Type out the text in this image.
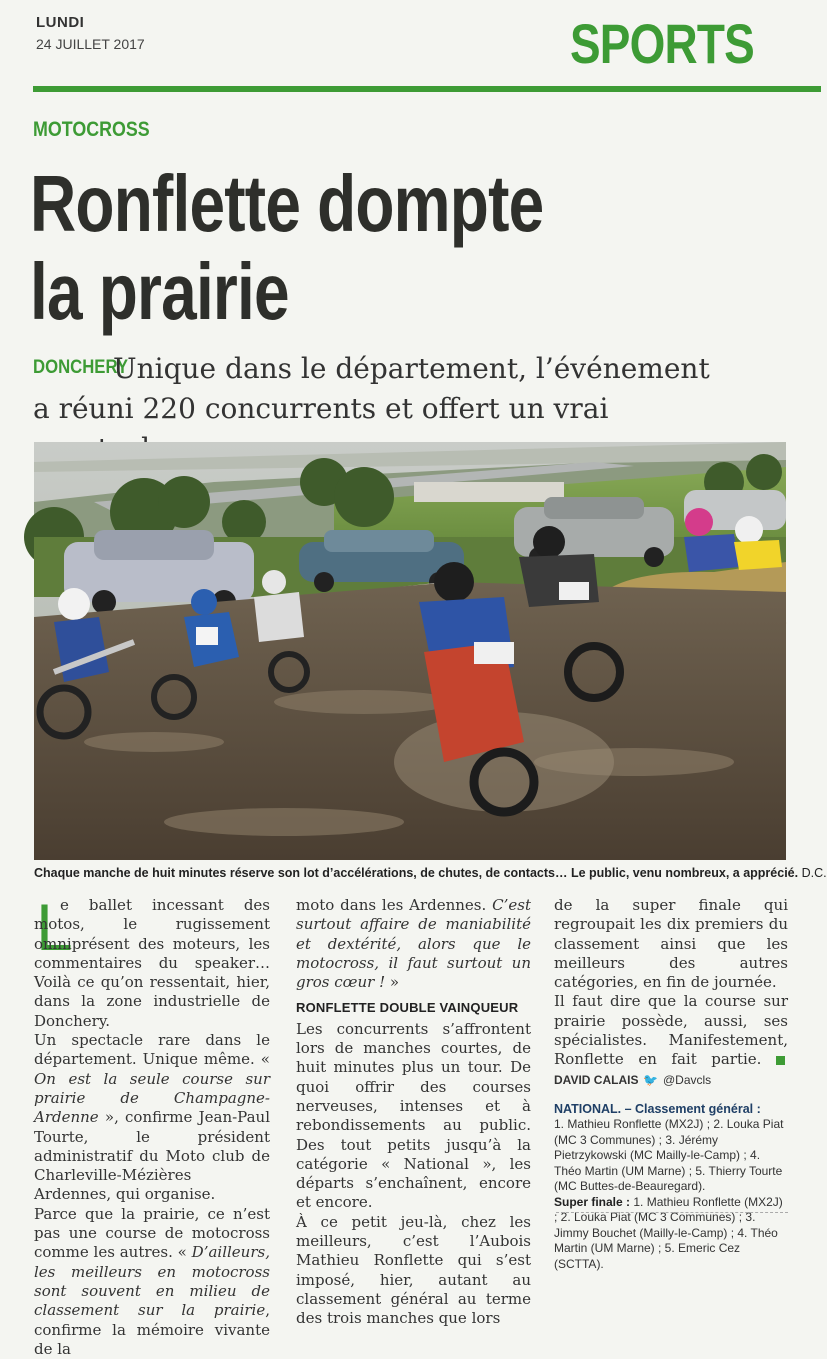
LUNDI
24 JUILLET 2017	SPORTS
MOTOCROSS
Ronflette dompte
la prairie
DONCHERY
Unique dans le département, l’événement
a réuni 220 concurrents et offert un vrai
Chaque manche de huit minutes réserve son lot d’accélérations, de chutes, de contacts… Le public, venu nombreux, a apprécié. D.C.
L

e ballet incessant des motos, le rugissement omniprésent des moteurs, les commentaires du speaker… Voilà ce qu’on ressentait, hier, dans la zone industrielle de Donchery.

Un spectacle rare dans le département. Unique même. « On est la seule course sur prairie de Champagne-Ardenne », confirme Jean-Paul Tourte, le président administratif du Moto club de Charleville-Mézières Ardennes, qui organise.

Parce que la prairie, ce n’est pas une course de motocross comme les autres. « D’ailleurs, les meilleurs en motocross sont souvent en milieu de classement sur la prairie, confirme la mémoire vivante de la

moto dans les Ardennes. C’est surtout affaire de maniabilité et dextérité, alors que le motocross, il faut surtout un gros cœur ! »

RONFLETTE DOUBLE VAINQUEUR

Les concurrents s’affrontent lors de manches courtes, de huit minutes plus un tour. De quoi offrir des courses nerveuses, intenses et à rebondissements au public. Des tout petits jusqu’à la catégorie « National », les départs s’enchaînent, encore et encore.

À ce petit jeu-là, chez les meilleurs, c’est l’Aubois Mathieu Ronflette qui s’est imposé, hier, autant au classement général au terme des trois manches que lors

de la super finale qui regroupait les dix premiers du classement ainsi que les meilleurs des autres catégories, en fin de journée.

Il faut dire que la course sur prairie possède, aussi, ses spécialistes. Manifestement, Ronflette en fait partie.  DAVID CALAIS 🐦 @Davcls

NATIONAL. – Classement général :
1. Mathieu Ronflette (MX2J) ; 2. Louka Piat (MC 3 Communes) ; 3. Jérémy Pietrzykowski (MC Mailly-le-Camp) ; 4. Théo Martin (UM Marne) ; 5. Thierry Tourte (MC Buttes-de-Beauregard).
Super finale : 1. Mathieu Ronflette (MX2J) ; 2. Louka Piat (MC 3 Communes) ; 3. Jimmy Bouchet (Mailly-le-Camp) ; 4. Théo Martin (UM Marne) ; 5. Emeric Cez (SCTTA).
